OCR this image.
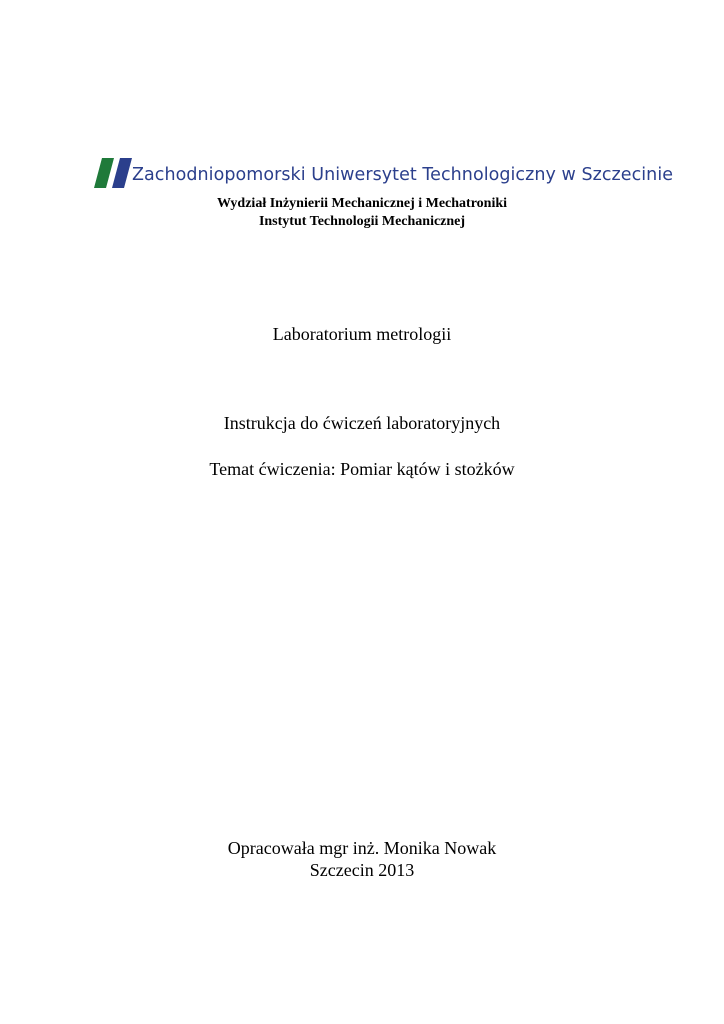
Zachodniopomorski Uniwersytet Technologiczny w Szczecinie
Wydział Inżynierii Mechanicznej i Mechatroniki
Instytut Technologii Mechanicznej
Laboratorium metrologii
Instrukcja do ćwiczeń laboratoryjnych
Temat ćwiczenia: Pomiar kątów i stożków
Opracowała mgr inż. Monika Nowak
Szczecin 2013
